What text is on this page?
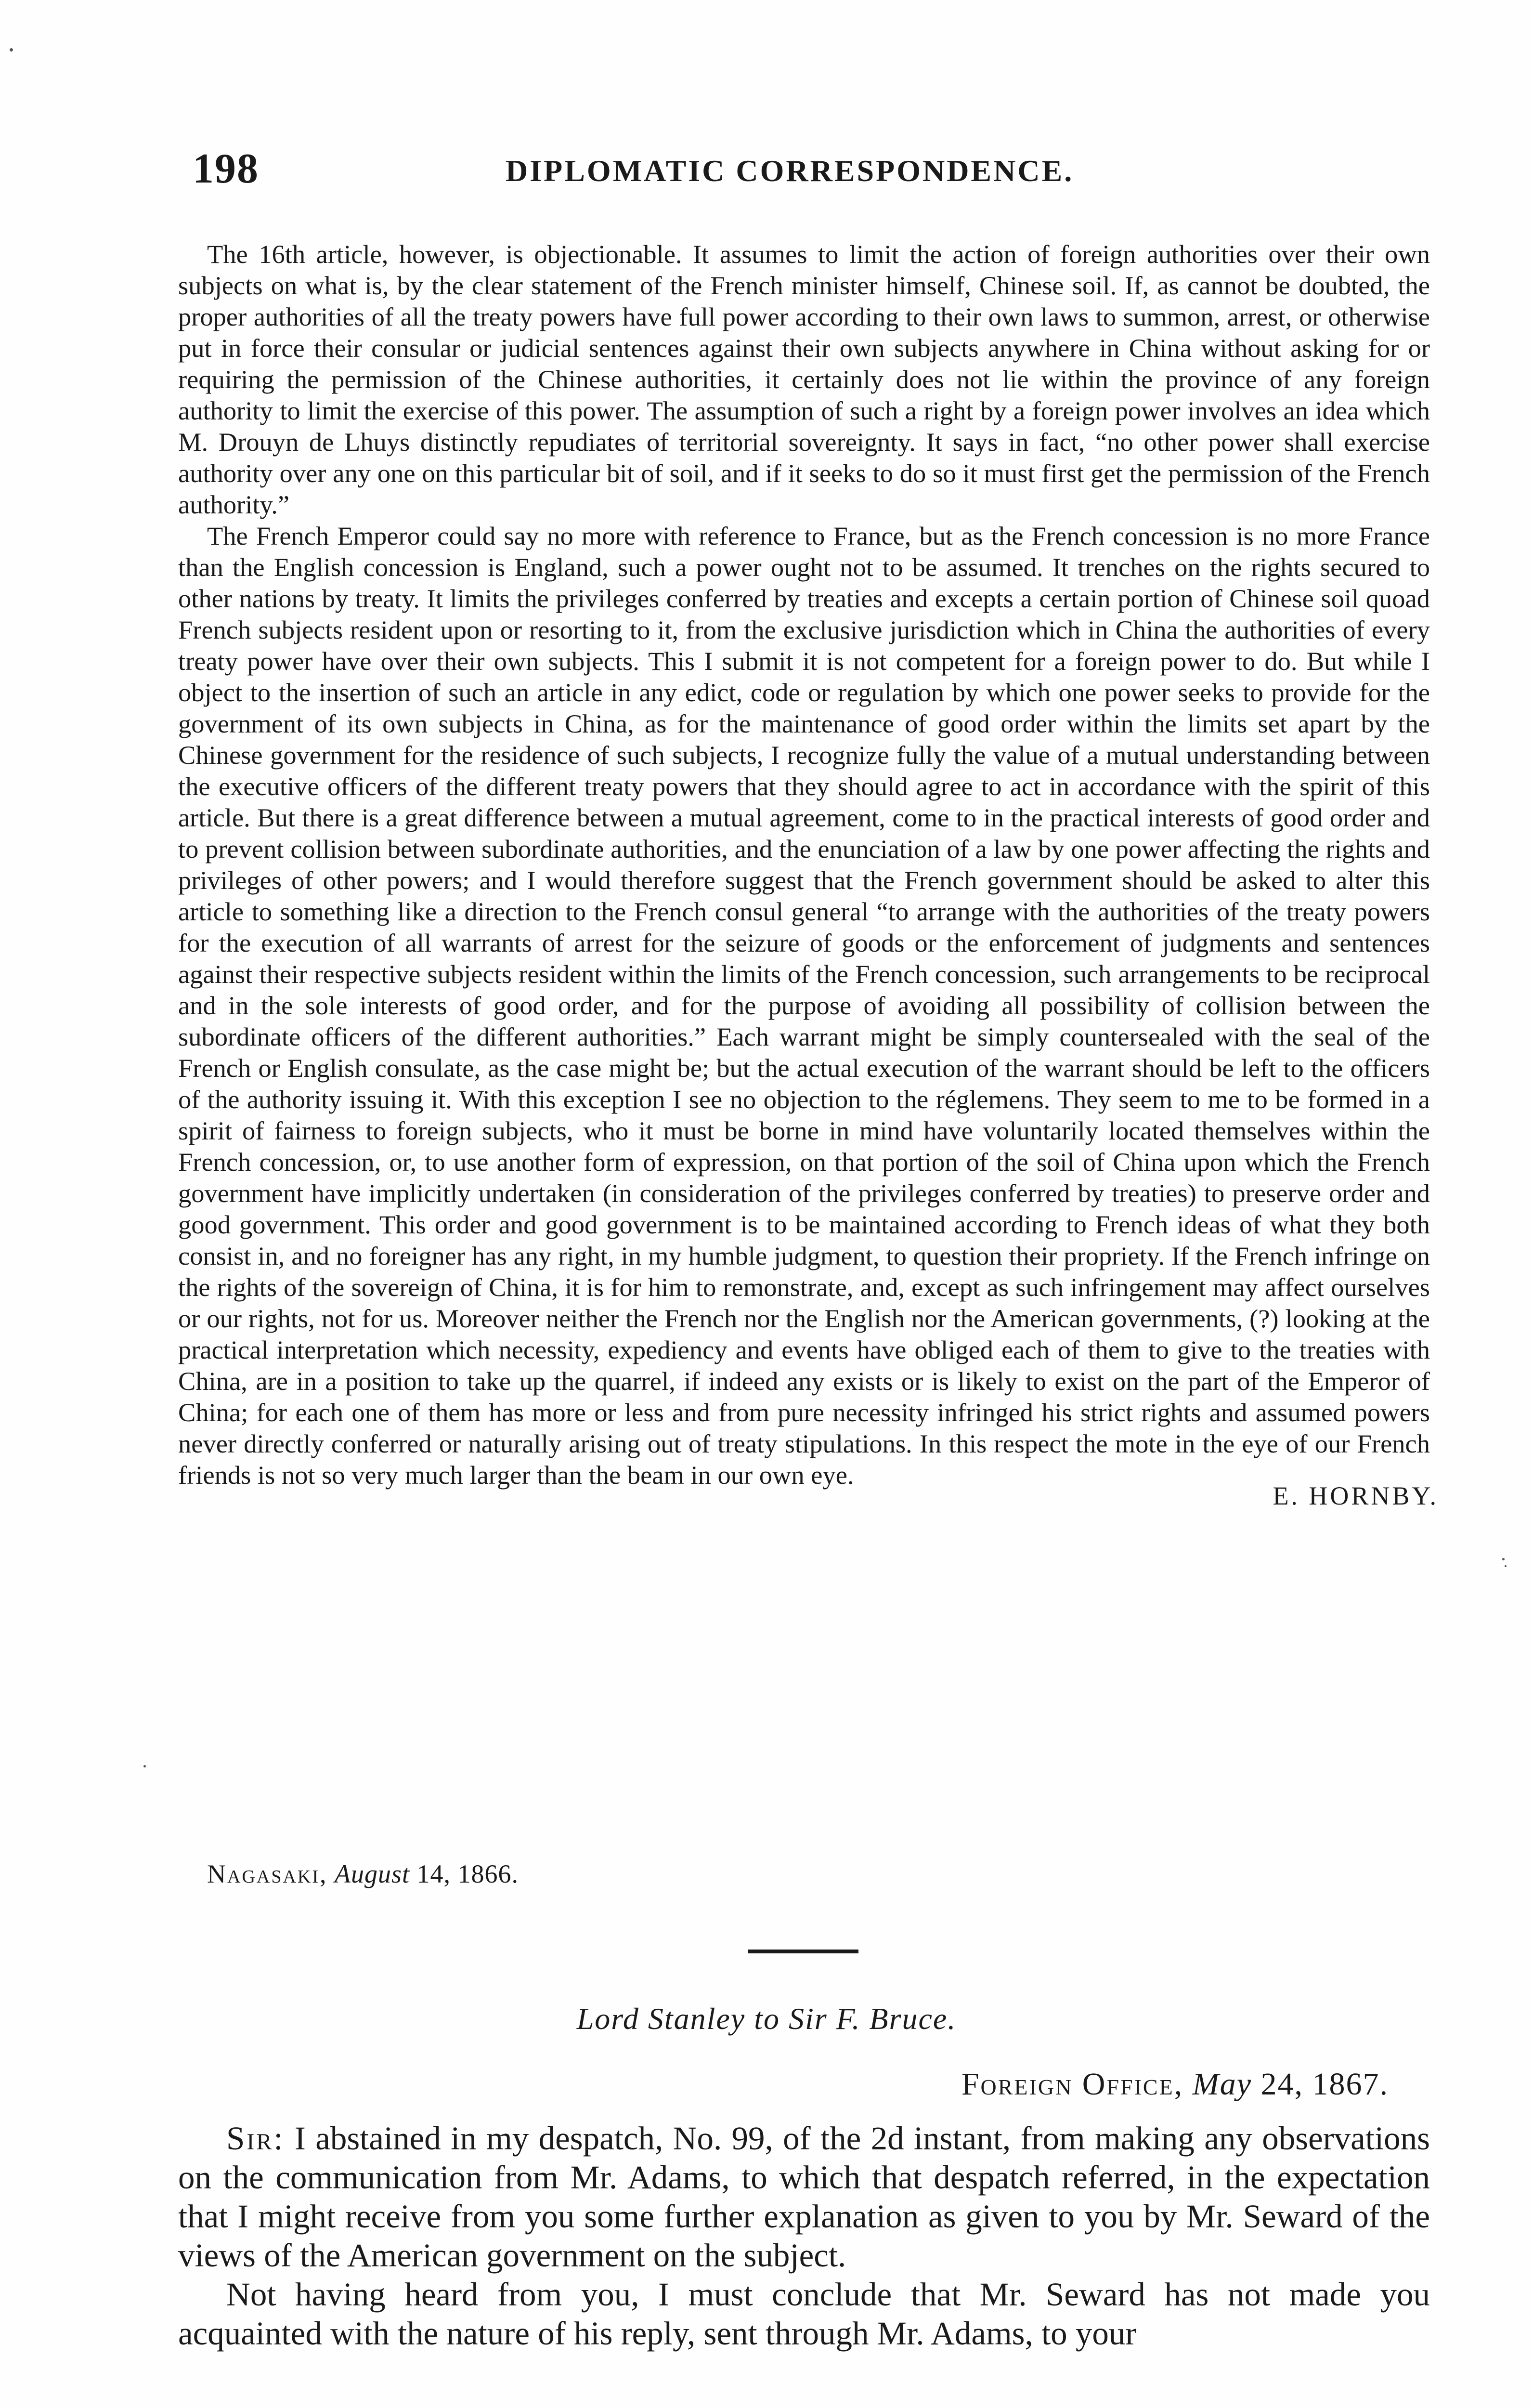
198	DIPLOMATIC CORRESPONDENCE.

The 16th article, however, is objectionable. It assumes to limit the action of foreign authorities over their own subjects on what is, by the clear statement of the French minister himself, Chinese soil. If, as cannot be doubted, the proper authorities of all the treaty powers have full power according to their own laws to summon, arrest, or otherwise put in force their consular or judicial sentences against their own subjects anywhere in China without asking for or requiring the permission of the Chinese authorities, it certainly does not lie within the province of any foreign authority to limit the exercise of this power. The assumption of such a right by a foreign power involves an idea which M. Drouyn de Lhuys distinctly repudiates of territorial sovereignty. It says in fact, “no other power shall exercise authority over any one on this particular bit of soil, and if it seeks to do so it must first get the permission of the French authority.”

The French Emperor could say no more with reference to France, but as the French concession is no more France than the English concession is England, such a power ought not to be assumed. It trenches on the rights secured to other nations by treaty. It limits the privileges conferred by treaties and excepts a certain portion of Chinese soil quoad French subjects resident upon or resorting to it, from the exclusive jurisdiction which in China the authorities of every treaty power have over their own subjects. This I submit it is not competent for a foreign power to do. But while I object to the insertion of such an article in any edict, code or regulation by which one power seeks to provide for the government of its own subjects in China, as for the maintenance of good order within the limits set apart by the Chinese government for the residence of such subjects, I recognize fully the value of a mutual understanding between the executive officers of the different treaty powers that they should agree to act in accordance with the spirit of this article. But there is a great difference between a mutual agreement, come to in the practical interests of good order and to prevent collision between subordinate authorities, and the enunciation of a law by one power affecting the rights and privileges of other powers; and I would therefore suggest that the French government should be asked to alter this article to something like a direction to the French consul general “to arrange with the authorities of the treaty powers for the execution of all warrants of arrest for the seizure of goods or the enforcement of judgments and sentences against their respective subjects resident within the limits of the French concession, such arrangements to be reciprocal and in the sole interests of good order, and for the purpose of avoiding all possibility of collision between the subordinate officers of the different authorities.” Each warrant might be simply countersealed with the seal of the French or English consulate, as the case might be; but the actual execution of the warrant should be left to the officers of the authority issuing it. With this exception I see no objection to the réglemens. They seem to me to be formed in a spirit of fairness to foreign subjects, who it must be borne in mind have voluntarily located themselves within the French concession, or, to use another form of expression, on that portion of the soil of China upon which the French government have implicitly undertaken (in consideration of the privileges conferred by treaties) to preserve order and good government. This order and good government is to be maintained according to French ideas of what they both consist in, and no foreigner has any right, in my humble judgment, to question their propriety. If the French infringe on the rights of the sovereign of China, it is for him to remonstrate, and, except as such infringement may affect ourselves or our rights, not for us. Moreover neither the French nor the English nor the American governments, (?) looking at the practical interpretation which necessity, expediency and events have obliged each of them to give to the treaties with China, are in a position to take up the quarrel, if indeed any exists or is likely to exist on the part of the Emperor of China; for each one of them has more or less and from pure necessity infringed his strict rights and assumed powers never directly conferred or naturally arising out of treaty stipulations. In this respect the mote in the eye of our French friends is not so very much larger than the beam in our own eye.

E. HORNBY.
Nagasaki, August 14, 1866.
Lord Stanley to Sir F. Bruce.
Foreign Office, May 24, 1867.

Sir: I abstained in my despatch, No. 99, of the 2d instant, from making any observations on the communication from Mr. Adams, to which that despatch referred, in the expectation that I might receive from you some further explanation as given to you by Mr. Seward of the views of the American government on the subject.

Not having heard from you, I must conclude that Mr. Seward has not made you acquainted with the nature of his reply, sent through Mr. Adams, to your
